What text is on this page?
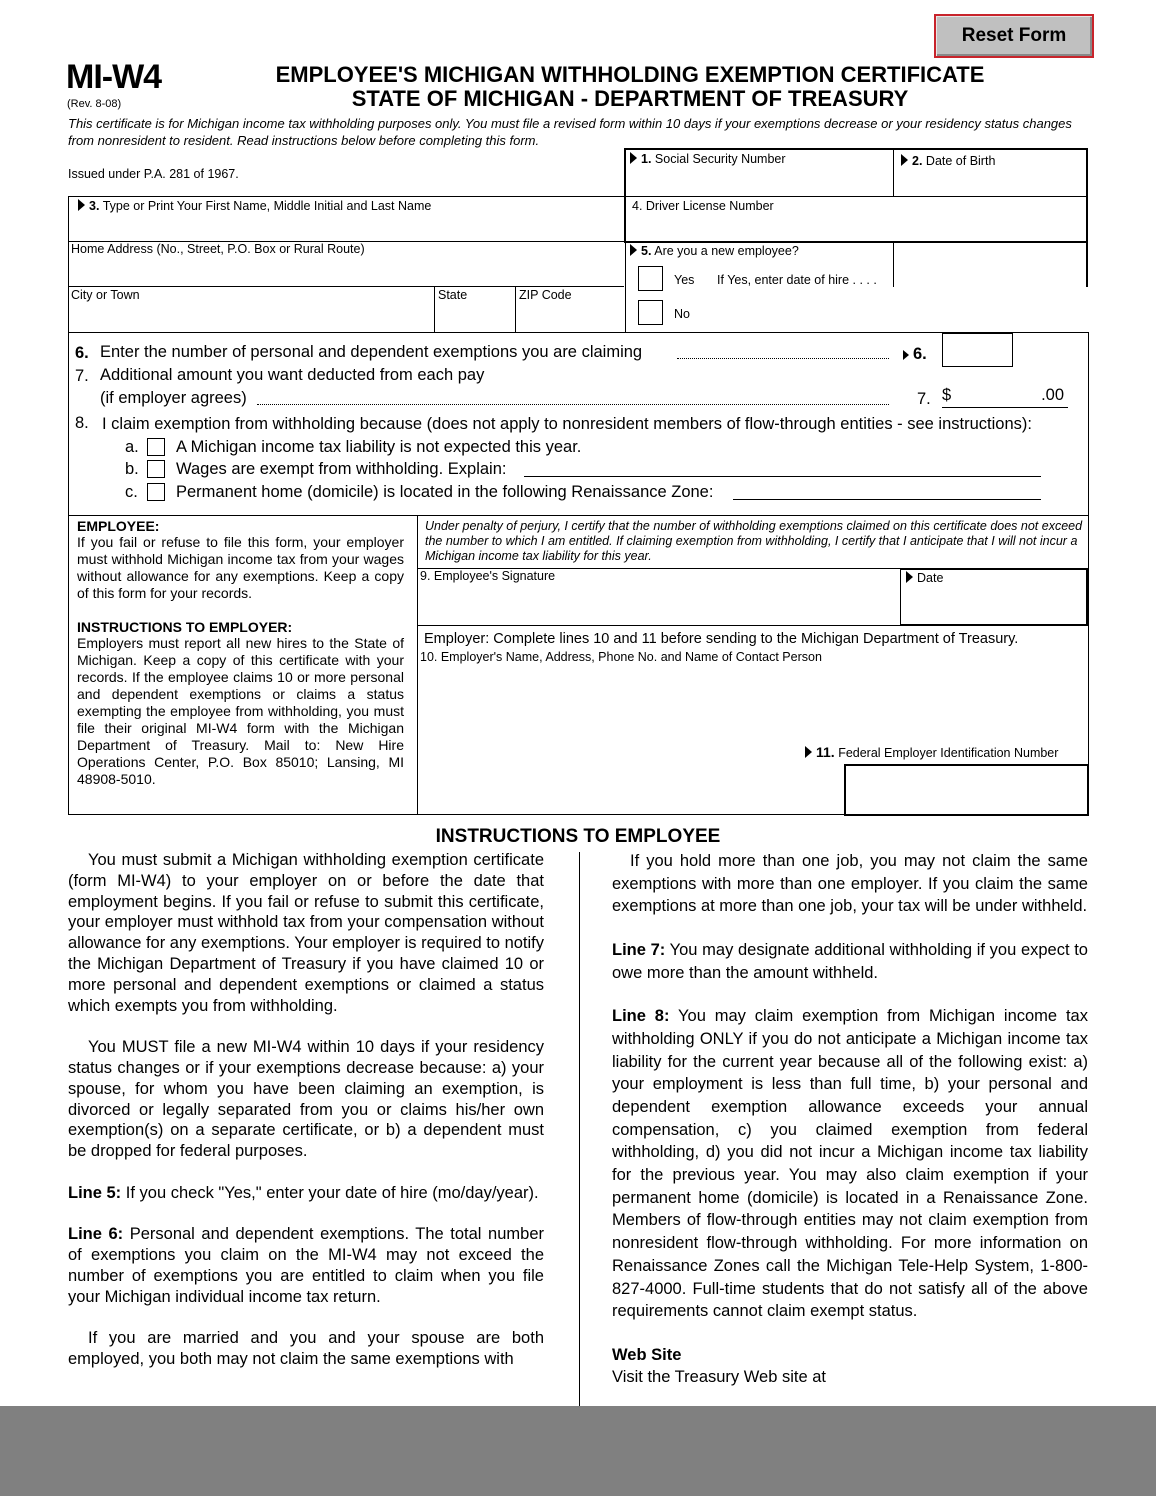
Reset Form
MI-W4
(Rev. 8-08)
EMPLOYEE'S MICHIGAN WITHHOLDING EXEMPTION CERTIFICATE
STATE OF MICHIGAN - DEPARTMENT OF TREASURY
This certificate is for Michigan income tax withholding purposes only. You must file a revised form within 10 days if your exemptions decrease or your residency status changes from nonresident to resident. Read instructions below before completing this form.
Issued under P.A. 281 of 1967.
1. Social Security Number	2. Date of Birth
4. Driver License Number
3. Type or Print Your First Name, Middle Initial and Last Name
Home Address (No., Street, P.O. Box or Rural Route)
City or Town	State	ZIP Code
5. Are you a new employee?
Yes If Yes, enter date of hire . . . .
No
6. Enter the number of personal and dependent exemptions you are claiming	6.
7. Additional amount you want deducted from each pay
(if employer agrees)	7. $	.00
8. I claim exemption from withholding because (does not apply to nonresident members of flow-through entities - see instructions):
a. A Michigan income tax liability is not expected this year.
b. Wages are exempt from withholding. Explain:
c. Permanent home (domicile) is located in the following Renaissance Zone:
EMPLOYEE:
If you fail or refuse to file this form, your employer must withhold Michigan income tax from your wages without allowance for any exemptions. Keep a copy of this form for your records.
INSTRUCTIONS TO EMPLOYER:
Employers must report all new hires to the State of Michigan. Keep a copy of this certificate with your records. If the employee claims 10 or more personal and dependent exemptions or claims a status exempting the employee from withholding, you must file their original MI-W4 form with the Michigan Department of Treasury. Mail to: New Hire Operations Center, P.O. Box 85010; Lansing, MI 48908-5010.
Under penalty of perjury, I certify that the number of withholding exemptions claimed on this certificate does not exceed the number to which I am entitled. If claiming exemption from withholding, I certify that I anticipate that I will not incur a Michigan income tax liability for this year.
9. Employee's Signature	Date
Employer: Complete lines 10 and 11 before sending to the Michigan Department of Treasury.
10. Employer's Name, Address, Phone No. and Name of Contact Person
11. Federal Employer Identification Number
INSTRUCTIONS TO EMPLOYEE

You must submit a Michigan withholding exemption certificate (form MI-W4) to your employer on or before the date that employment begins. If you fail or refuse to submit this certificate, your employer must withhold tax from your compensation without allowance for any exemptions. Your employer is required to notify the Michigan Department of Treasury if you have claimed 10 or more personal and dependent exemptions or claimed a status which exempts you from withholding.

You MUST file a new MI-W4 within 10 days if your residency status changes or if your exemptions decrease because: a) your spouse, for whom you have been claiming an exemption, is divorced or legally separated from you or claims his/her own exemption(s) on a separate certificate, or b) a dependent must be dropped for federal purposes.

Line 5: If you check "Yes," enter your date of hire (mo/day/year).

Line 6: Personal and dependent exemptions. The total number of exemptions you claim on the MI-W4 may not exceed the number of exemptions you are entitled to claim when you file your Michigan individual income tax return.

If you are married and you and your spouse are both employed, you both may not claim the same exemptions with

If you hold more than one job, you may not claim the same exemptions with more than one employer. If you claim the same exemptions at more than one job, your tax will be under withheld.

Line 7: You may designate additional withholding if you expect to owe more than the amount withheld.

Line 8: You may claim exemption from Michigan income tax withholding ONLY if you do not anticipate a Michigan income tax liability for the current year because all of the following exist: a) your employment is less than full time, b) your personal and dependent exemption allowance exceeds your annual compensation, c) you claimed exemption from federal withholding, d) you did not incur a Michigan income tax liability for the previous year. You may also claim exemption if your permanent home (domicile) is located in a Renaissance Zone. Members of flow-through entities may not claim exemption from nonresident flow-through withholding. For more information on Renaissance Zones call the Michigan Tele-Help System, 1-800-827-4000. Full-time students that do not satisfy all of the above requirements cannot claim exempt status.

Web Site
Visit the Treasury Web site at
